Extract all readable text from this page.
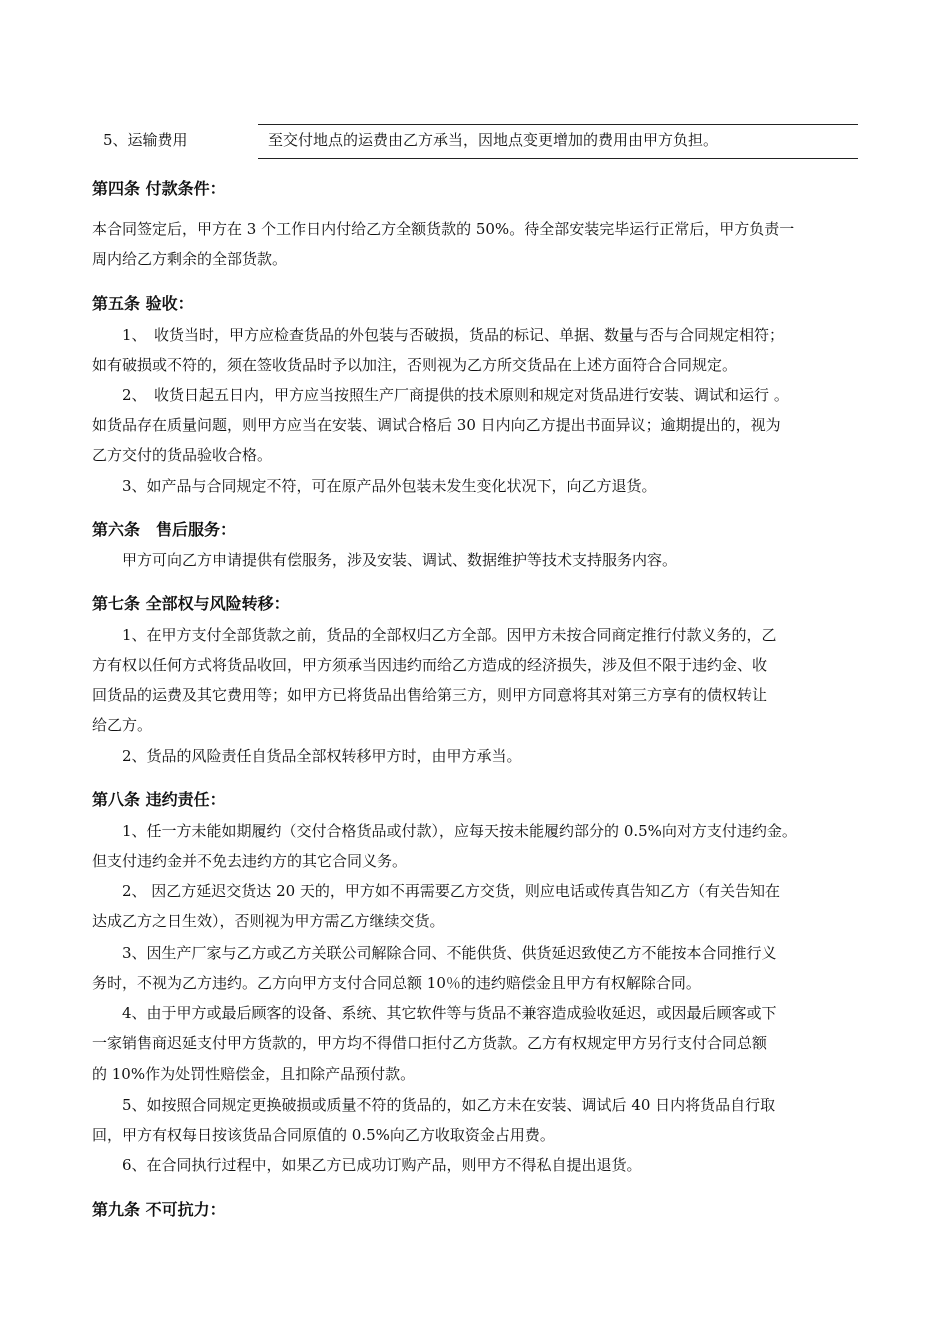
5、运输费用	至交付地点的运费由乙方承当，因地点变更增加的费用由甲方负担。
第四条 付款条件：
本合同签定后，甲方在 3 个工作日内付给乙方全额货款的 50%。待全部安装完毕运行正常后，甲方负责一
周内给乙方剩余的全部货款。
第五条 验收：
1、　收货当时，甲方应检查货品的外包装与否破损，货品的标记、单据、数量与否与合同规定相符；
如有破损或不符的，须在签收货品时予以加注，否则视为乙方所交货品在上述方面符合合同规定。
2、　收货日起五日内，甲方应当按照生产厂商提供的技术原则和规定对货品进行安装、调试和运行 。
如货品存在质量问题，则甲方应当在安装、调试合格后 30 日内向乙方提出书面异议；逾期提出的，视为
乙方交付的货品验收合格。
3、如产品与合同规定不符，可在原产品外包装未发生变化状况下，向乙方退货。
第六条　售后服务：
甲方可向乙方申请提供有偿服务，涉及安装、调试、数据维护等技术支持服务内容。
第七条 全部权与风险转移：
1、在甲方支付全部货款之前，货品的全部权归乙方全部。因甲方未按合同商定推行付款义务的，乙
方有权以任何方式将货品收回，甲方须承当因违约而给乙方造成的经济损失，涉及但不限于违约金、收
回货品的运费及其它费用等；如甲方已将货品出售给第三方，则甲方同意将其对第三方享有的债权转让
给乙方。
2、货品的风险责任自货品全部权转移甲方时，由甲方承当。
第八条 违约责任：
1、任一方未能如期履约（交付合格货品或付款），应每天按未能履约部分的 0.5%向对方支付违约金。
但支付违约金并不免去违约方的其它合同义务。
2、 因乙方延迟交货达 20 天的，甲方如不再需要乙方交货，则应电话或传真告知乙方（有关告知在
达成乙方之日生效），否则视为甲方需乙方继续交货。
3、因生产厂家与乙方或乙方关联公司解除合同、不能供货、供货延迟致使乙方不能按本合同推行义
务时，不视为乙方违约。乙方向甲方支付合同总额 10％的违约赔偿金且甲方有权解除合同。
4、由于甲方或最后顾客的设备、系统、其它软件等与货品不兼容造成验收延迟，或因最后顾客或下
一家销售商迟延支付甲方货款的，甲方均不得借口拒付乙方货款。乙方有权规定甲方另行支付合同总额
的 10%作为处罚性赔偿金，且扣除产品预付款。
5、如按照合同规定更换破损或质量不符的货品的，如乙方未在安装、调试后 40 日内将货品自行取
回，甲方有权每日按该货品合同原值的 0.5%向乙方收取资金占用费。
6、在合同执行过程中，如果乙方已成功订购产品，则甲方不得私自提出退货。
第九条 不可抗力：
